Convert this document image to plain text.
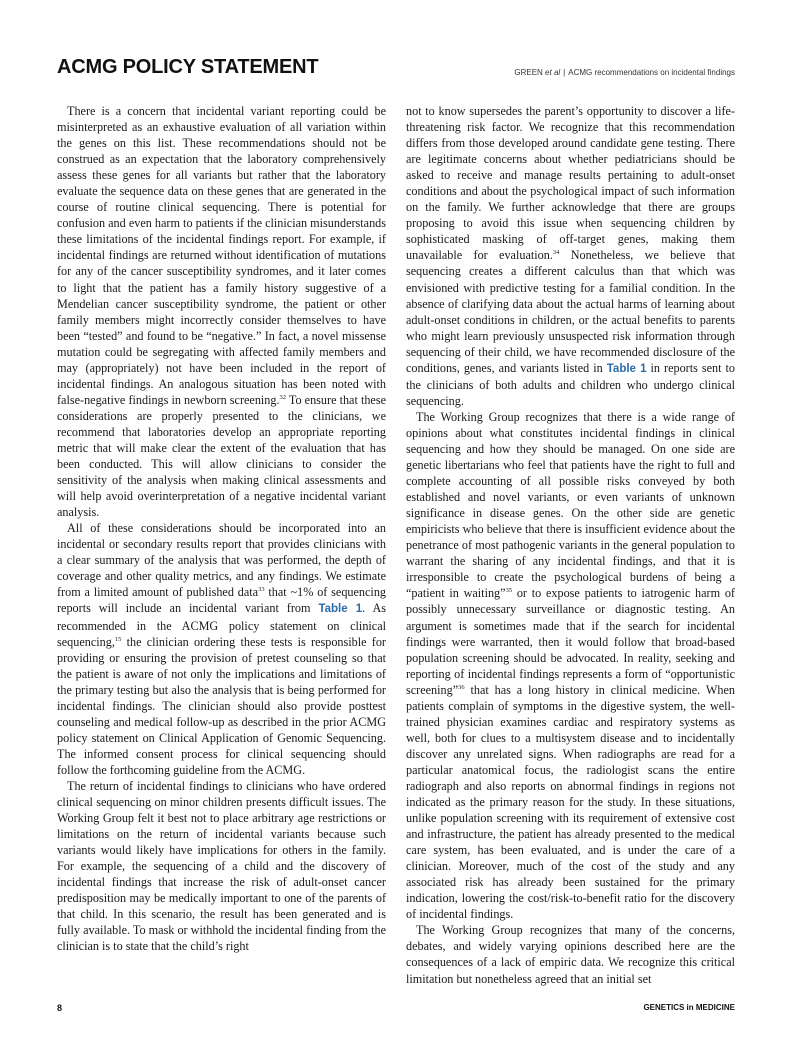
ACMG POLICY STATEMENT	GREEN et al | ACMG recommendations on incidental findings

There is a concern that incidental variant reporting could be misinterpreted as an exhaustive evaluation of all variation within the genes on this list. These recommendations should not be construed as an expectation that the laboratory comprehensively assess these genes for all variants but rather that the laboratory evaluate the sequence data on these genes that are generated in the course of routine clinical sequencing. There is potential for confusion and even harm to patients if the clinician misunderstands these limitations of the incidental findings report. For example, if incidental findings are returned without identification of mutations for any of the cancer susceptibility syndromes, and it later comes to light that the patient has a family history suggestive of a Mendelian cancer susceptibility syndrome, the patient or other family members might incorrectly consider themselves to have been “tested” and found to be “negative.” In fact, a novel missense mutation could be segregating with affected family members and may (appropriately) not have been included in the report of incidental findings. An analogous situation has been noted with false-negative findings in newborn screening.$^{32}$ To ensure that these considerations are properly presented to the clinicians, we recommend that laboratories develop an appropriate reporting metric that will make clear the extent of the evaluation that has been conducted. This will allow clinicians to consider the sensitivity of the analysis when making clinical assessments and will help avoid overinterpretation of a negative incidental variant analysis.

All of these considerations should be incorporated into an incidental or secondary results report that provides clinicians with a clear summary of the analysis that was performed, the depth of coverage and other quality metrics, and any findings. We estimate from a limited amount of published data$^{33}$ that ~1% of sequencing reports will include an incidental variant from Table 1. As recommended in the ACMG policy statement on clinical sequencing,$^{15}$ the clinician ordering these tests is responsible for providing or ensuring the provision of pretest counseling so that the patient is aware of not only the implications and limitations of the primary testing but also the analysis that is being performed for incidental findings. The clinician should also provide posttest counseling and medical follow-up as described in the prior ACMG policy statement on Clinical Application of Genomic Sequencing. The informed consent process for clinical sequencing should follow the forthcoming guideline from the ACMG.

The return of incidental findings to clinicians who have ordered clinical sequencing on minor children presents difficult issues. The Working Group felt it best not to place arbitrary age restrictions or limitations on the return of incidental variants because such variants would likely have implications for others in the family. For example, the sequencing of a child and the discovery of incidental findings that increase the risk of adult-onset cancer predisposition may be medically important to one of the parents of that child. In this scenario, the result has been generated and is fully available. To mask or withhold the incidental finding from the clinician is to state that the child’s right

not to know supersedes the parent’s opportunity to discover a life-threatening risk factor. We recognize that this recommendation differs from those developed around candidate gene testing. There are legitimate concerns about whether pediatricians should be asked to receive and manage results pertaining to adult-onset conditions and about the psychological impact of such information on the family. We further acknowledge that there are groups proposing to avoid this issue when sequencing children by sophisticated masking of off-target genes, making them unavailable for evaluation.$^{34}$ Nonetheless, we believe that sequencing creates a different calculus than that which was envisioned with predictive testing for a familial condition. In the absence of clarifying data about the actual harms of learning about adult-onset conditions in children, or the actual benefits to parents who might learn previously unsuspected risk information through sequencing of their child, we have recommended disclosure of the conditions, genes, and variants listed in Table 1 in reports sent to the clinicians of both adults and children who undergo clinical sequencing.

The Working Group recognizes that there is a wide range of opinions about what constitutes incidental findings in clinical sequencing and how they should be managed. On one side are genetic libertarians who feel that patients have the right to full and complete accounting of all possible risks conveyed by both established and novel variants, or even variants of unknown significance in disease genes. On the other side are genetic empiricists who believe that there is insufficient evidence about the penetrance of most pathogenic variants in the general population to warrant the sharing of any incidental findings, and that it is irresponsible to create the psychological burdens of being a “patient in waiting”$^{35}$ or to expose patients to iatrogenic harm of possibly unnecessary surveillance or diagnostic testing. An argument is sometimes made that if the search for incidental findings were warranted, then it would follow that broad-based population screening should be advocated. In reality, seeking and reporting of incidental findings represents a form of “opportunistic screening”$^{36}$ that has a long history in clinical medicine. When patients complain of symptoms in the digestive system, the well-trained physician examines cardiac and respiratory systems as well, both for clues to a multisystem disease and to incidentally discover any unrelated signs. When radiographs are read for a particular anatomical focus, the radiologist scans the entire radiograph and also reports on abnormal findings in regions not indicated as the primary reason for the study. In these situations, unlike population screening with its requirement of extensive cost and infrastructure, the patient has already presented to the medical care system, has been evaluated, and is under the care of a clinician. Moreover, much of the cost of the study and any associated risk has already been sustained for the primary indication, lowering the cost/risk-to-benefit ratio for the discovery of incidental findings.

The Working Group recognizes that many of the concerns, debates, and widely varying opinions described here are the consequences of a lack of empiric data. We recognize this critical limitation but nonetheless agreed that an initial set

8	GENETICS in MEDICINE
